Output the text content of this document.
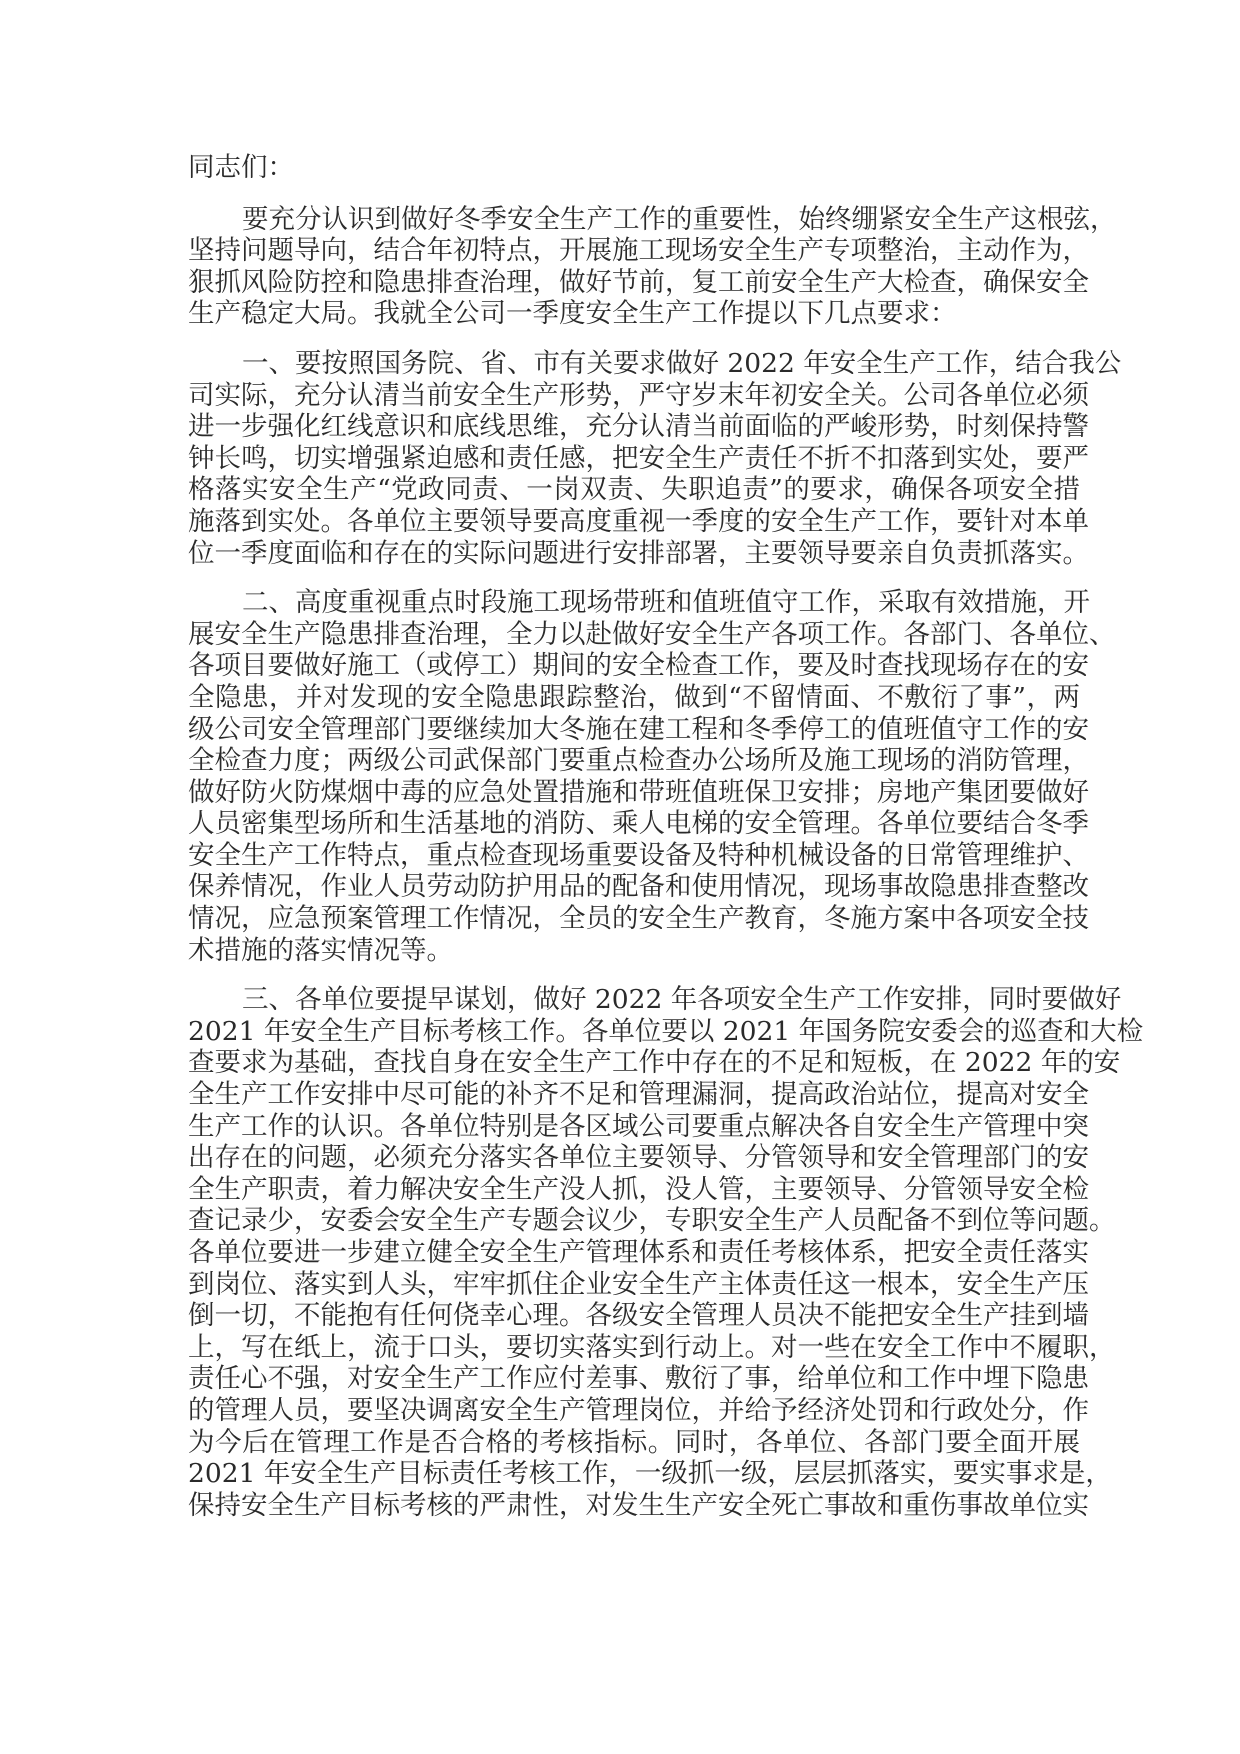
同志们：
要充分认识到做好冬季安全生产工作的重要性，始终绷紧安全生产这根弦，
坚持问题导向，结合年初特点，开展施工现场安全生产专项整治，主动作为，
狠抓风险防控和隐患排查治理，做好节前，复工前安全生产大检查，确保安全
生产稳定大局。我就全公司一季度安全生产工作提以下几点要求：
一、要按照国务院、省、市有关要求做好 2022 年安全生产工作，结合我公
司实际，充分认清当前安全生产形势，严守岁末年初安全关。公司各单位必须
进一步强化红线意识和底线思维，充分认清当前面临的严峻形势，时刻保持警
钟长鸣，切实增强紧迫感和责任感，把安全生产责任不折不扣落到实处，要严
格落实安全生产“党政同责、一岗双责、失职追责”的要求，确保各项安全措
施落到实处。各单位主要领导要高度重视一季度的安全生产工作，要针对本单
位一季度面临和存在的实际问题进行安排部署，主要领导要亲自负责抓落实。
二、高度重视重点时段施工现场带班和值班值守工作，采取有效措施，开
展安全生产隐患排查治理，全力以赴做好安全生产各项工作。各部门、各单位、
各项目要做好施工（或停工）期间的安全检查工作，要及时查找现场存在的安
全隐患，并对发现的安全隐患跟踪整治，做到“不留情面、不敷衍了事”，两
级公司安全管理部门要继续加大冬施在建工程和冬季停工的值班值守工作的安
全检查力度；两级公司武保部门要重点检查办公场所及施工现场的消防管理，
做好防火防煤烟中毒的应急处置措施和带班值班保卫安排；房地产集团要做好
人员密集型场所和生活基地的消防、乘人电梯的安全管理。各单位要结合冬季
安全生产工作特点，重点检查现场重要设备及特种机械设备的日常管理维护、
保养情况，作业人员劳动防护用品的配备和使用情况，现场事故隐患排查整改
情况，应急预案管理工作情况，全员的安全生产教育，冬施方案中各项安全技
术措施的落实情况等。
三、各单位要提早谋划，做好 2022 年各项安全生产工作安排，同时要做好
2021 年安全生产目标考核工作。各单位要以 2021 年国务院安委会的巡查和大检
查要求为基础，查找自身在安全生产工作中存在的不足和短板，在 2022 年的安
全生产工作安排中尽可能的补齐不足和管理漏洞，提高政治站位，提高对安全
生产工作的认识。各单位特别是各区域公司要重点解决各自安全生产管理中突
出存在的问题，必须充分落实各单位主要领导、分管领导和安全管理部门的安
全生产职责，着力解决安全生产没人抓，没人管，主要领导、分管领导安全检
查记录少，安委会安全生产专题会议少，专职安全生产人员配备不到位等问题。
各单位要进一步建立健全安全生产管理体系和责任考核体系，把安全责任落实
到岗位、落实到人头，牢牢抓住企业安全生产主体责任这一根本，安全生产压
倒一切，不能抱有任何侥幸心理。各级安全管理人员决不能把安全生产挂到墙
上，写在纸上，流于口头，要切实落实到行动上。对一些在安全工作中不履职，
责任心不强，对安全生产工作应付差事、敷衍了事，给单位和工作中埋下隐患
的管理人员，要坚决调离安全生产管理岗位，并给予经济处罚和行政处分，作
为今后在管理工作是否合格的考核指标。同时，各单位、各部门要全面开展
2021 年安全生产目标责任考核工作，一级抓一级，层层抓落实，要实事求是，
保持安全生产目标考核的严肃性，对发生生产安全死亡事故和重伤事故单位实
